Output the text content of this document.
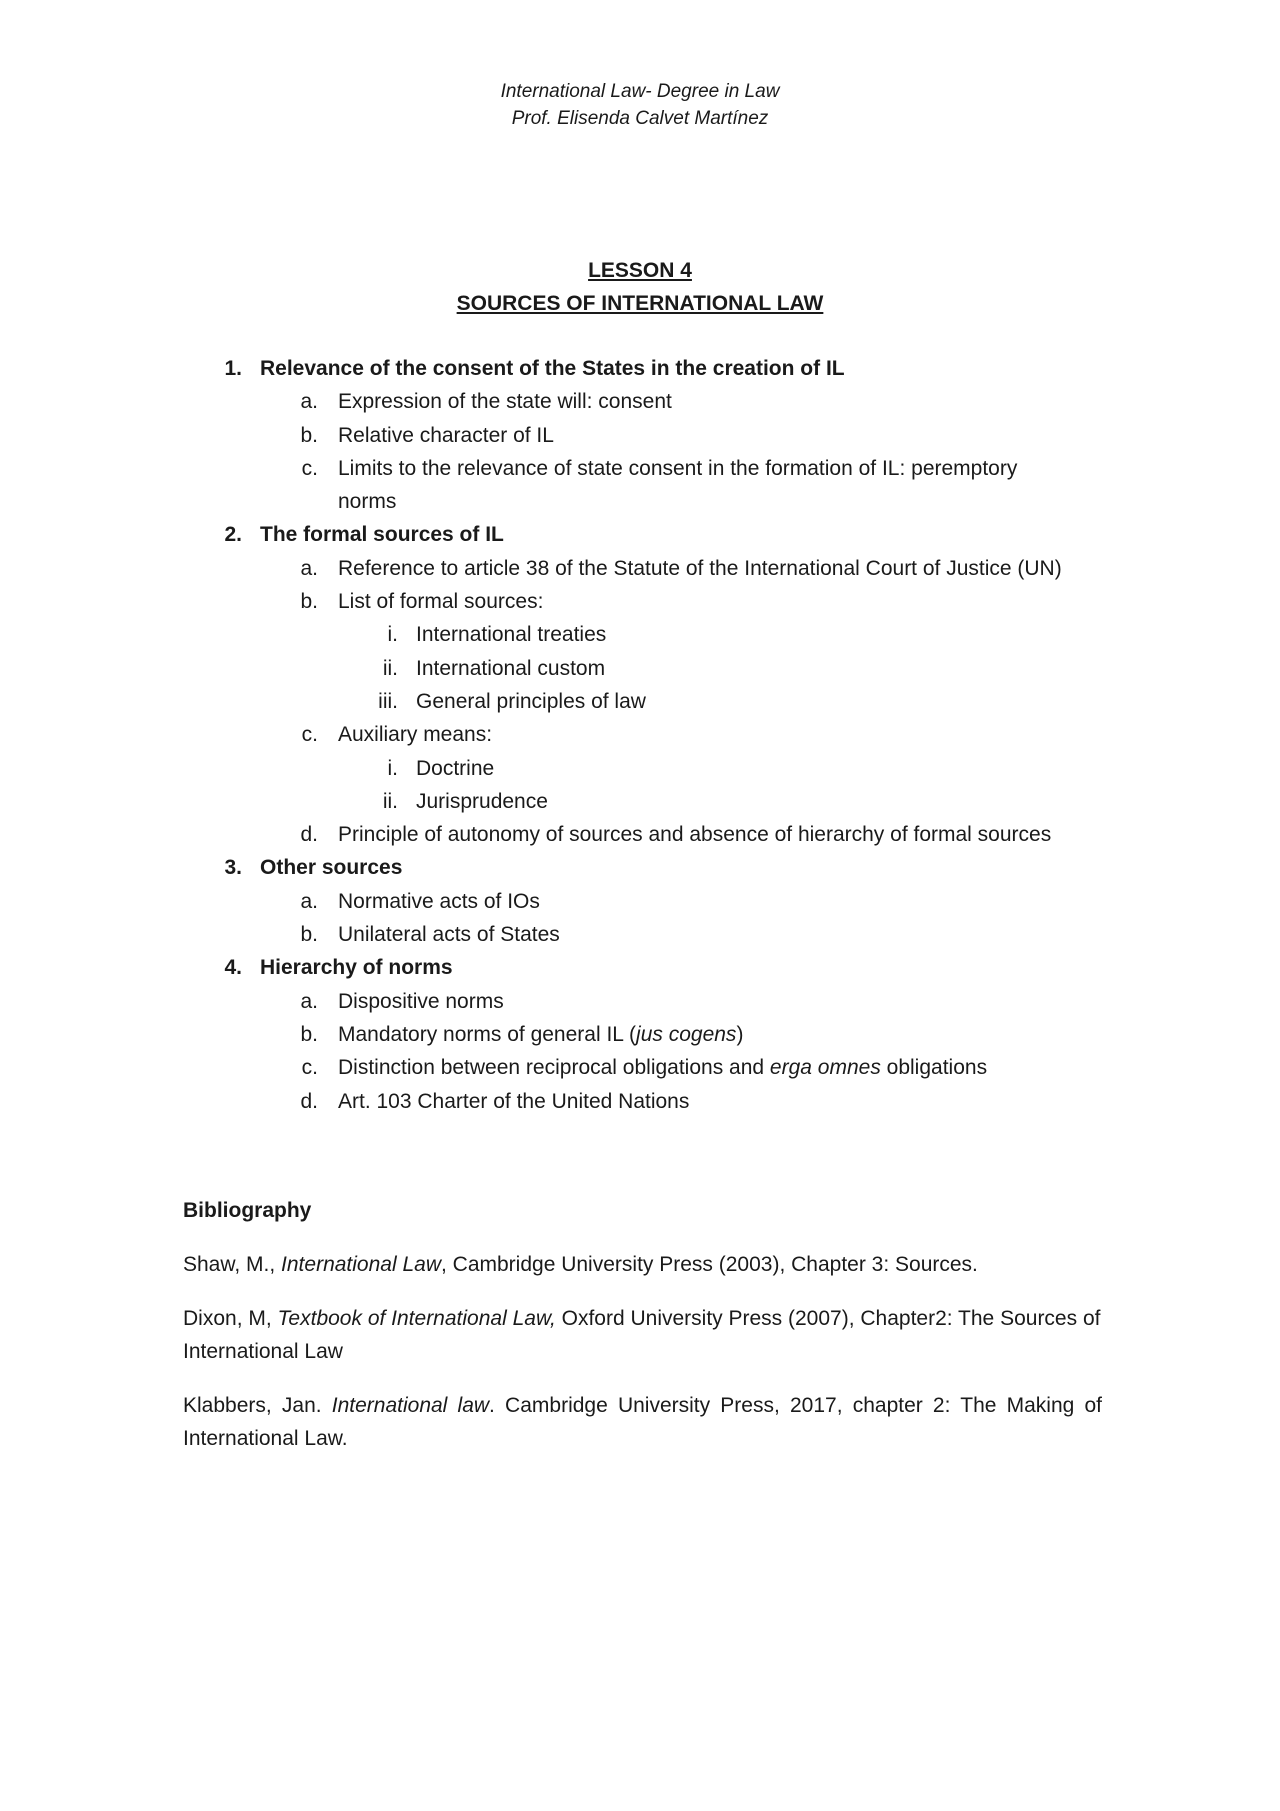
International Law- Degree in Law
Prof. Elisenda Calvet Martínez
LESSON 4
SOURCES OF INTERNATIONAL LAW
1. Relevance of the consent of the States in the creation of IL
a. Expression of the state will: consent
b. Relative character of IL
c. Limits to the relevance of state consent in the formation of IL: peremptory
norms
2. The formal sources of IL
a. Reference to article 38 of the Statute of the International Court of Justice (UN)
b. List of formal sources:
i. International treaties
ii. International custom
iii. General principles of law
c. Auxiliary means:
i. Doctrine
ii. Jurisprudence
d. Principle of autonomy of sources and absence of hierarchy of formal sources
3. Other sources
a. Normative acts of IOs
b. Unilateral acts of States
4. Hierarchy of norms
a. Dispositive norms
b. Mandatory norms of general IL (jus cogens)
c. Distinction between reciprocal obligations and erga omnes obligations
d. Art. 103 Charter of the United Nations
Bibliography

Shaw, M., International Law, Cambridge University Press (2003), Chapter 3: Sources.

Dixon, M, Textbook of International Law, Oxford University Press (2007), Chapter2: The Sources of International Law

Klabbers, Jan. International law. Cambridge University Press, 2017, chapter 2: The Making of International Law.
